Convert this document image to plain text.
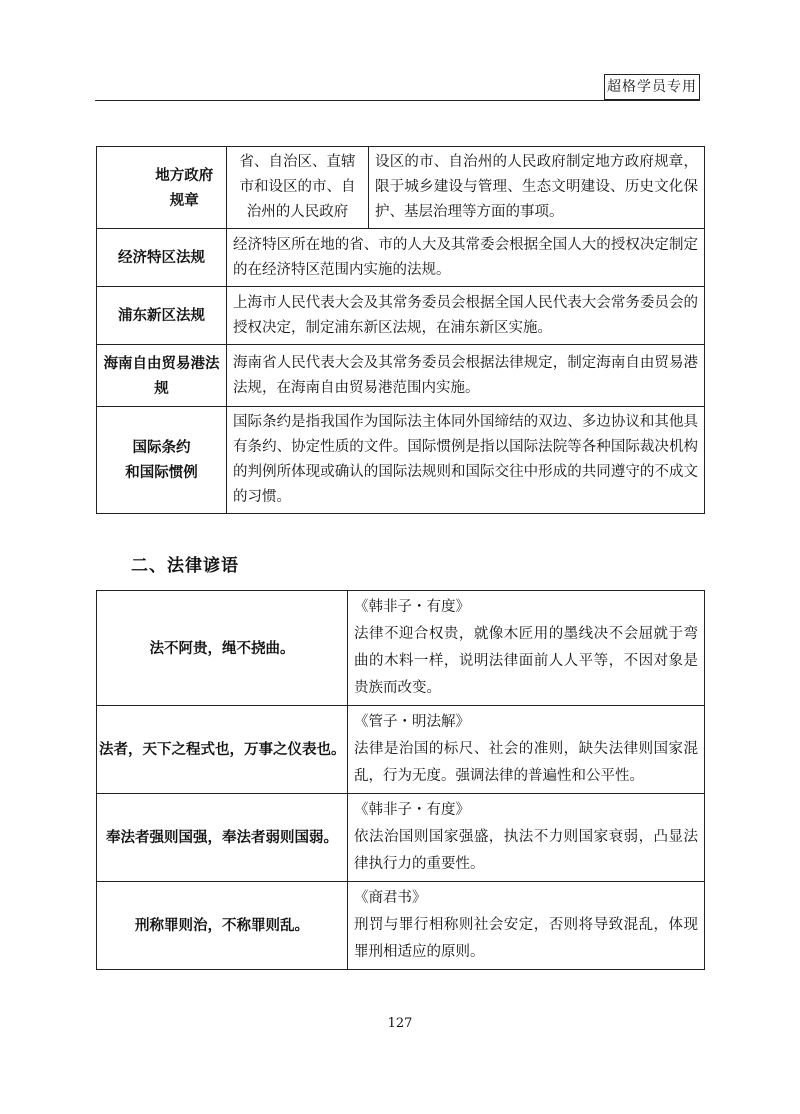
超格学员专用
	地方政府规章	省、自治区、直辖市和设区的市、自治州的人民政府	设区的市、自治州的人民政府制定地方政府规章，限于城乡建设与管理、生态文明建设、历史文化保护、基层治理等方面的事项。
经济特区法规		经济特区所在地的省、市的人大及其常委会根据全国人大的授权决定制定的在经济特区范围内实施的法规。	
浦东新区法规		上海市人民代表大会及其常务委员会根据全国人民代表大会常务委员会的授权决定，制定浦东新区法规，在浦东新区实施。	
海南自由贸易港法规		海南省人民代表大会及其常务委员会根据法律规定，制定海南自由贸易港法规，在海南自由贸易港范围内实施。	

国际条约
和国际惯例		国际条约是指我国作为国际法主体同外国缔结的双边、多边协议和其他具有条约、协定性质的文件。国际惯例是指以国际法院等各种国际裁决机构的判例所体现或确认的国际法规则和国际交往中形成的共同遵守的不成文的习惯。	
二、法律谚语
法不阿贵，绳不挠曲。	《韩非子・有度》
法律不迎合权贵，就像木匠用的墨线决不会屈就于弯曲的木料一样，说明法律面前人人平等，不因对象是贵族而改变。

法者，天下之程式也，万事之仪表也。	《管子・明法解》
法律是治国的标尺、社会的准则，缺失法律则国家混乱，行为无度。强调法律的普遍性和公平性。

奉法者强则国强，奉法者弱则国弱。	《韩非子・有度》
依法治国则国家强盛，执法不力则国家衰弱，凸显法律执行力的重要性。

刑称罪则治，不称罪则乱。	《商君书》
刑罚与罪行相称则社会安定，否则将导致混乱，体现罪刑相适应的原则。
127
